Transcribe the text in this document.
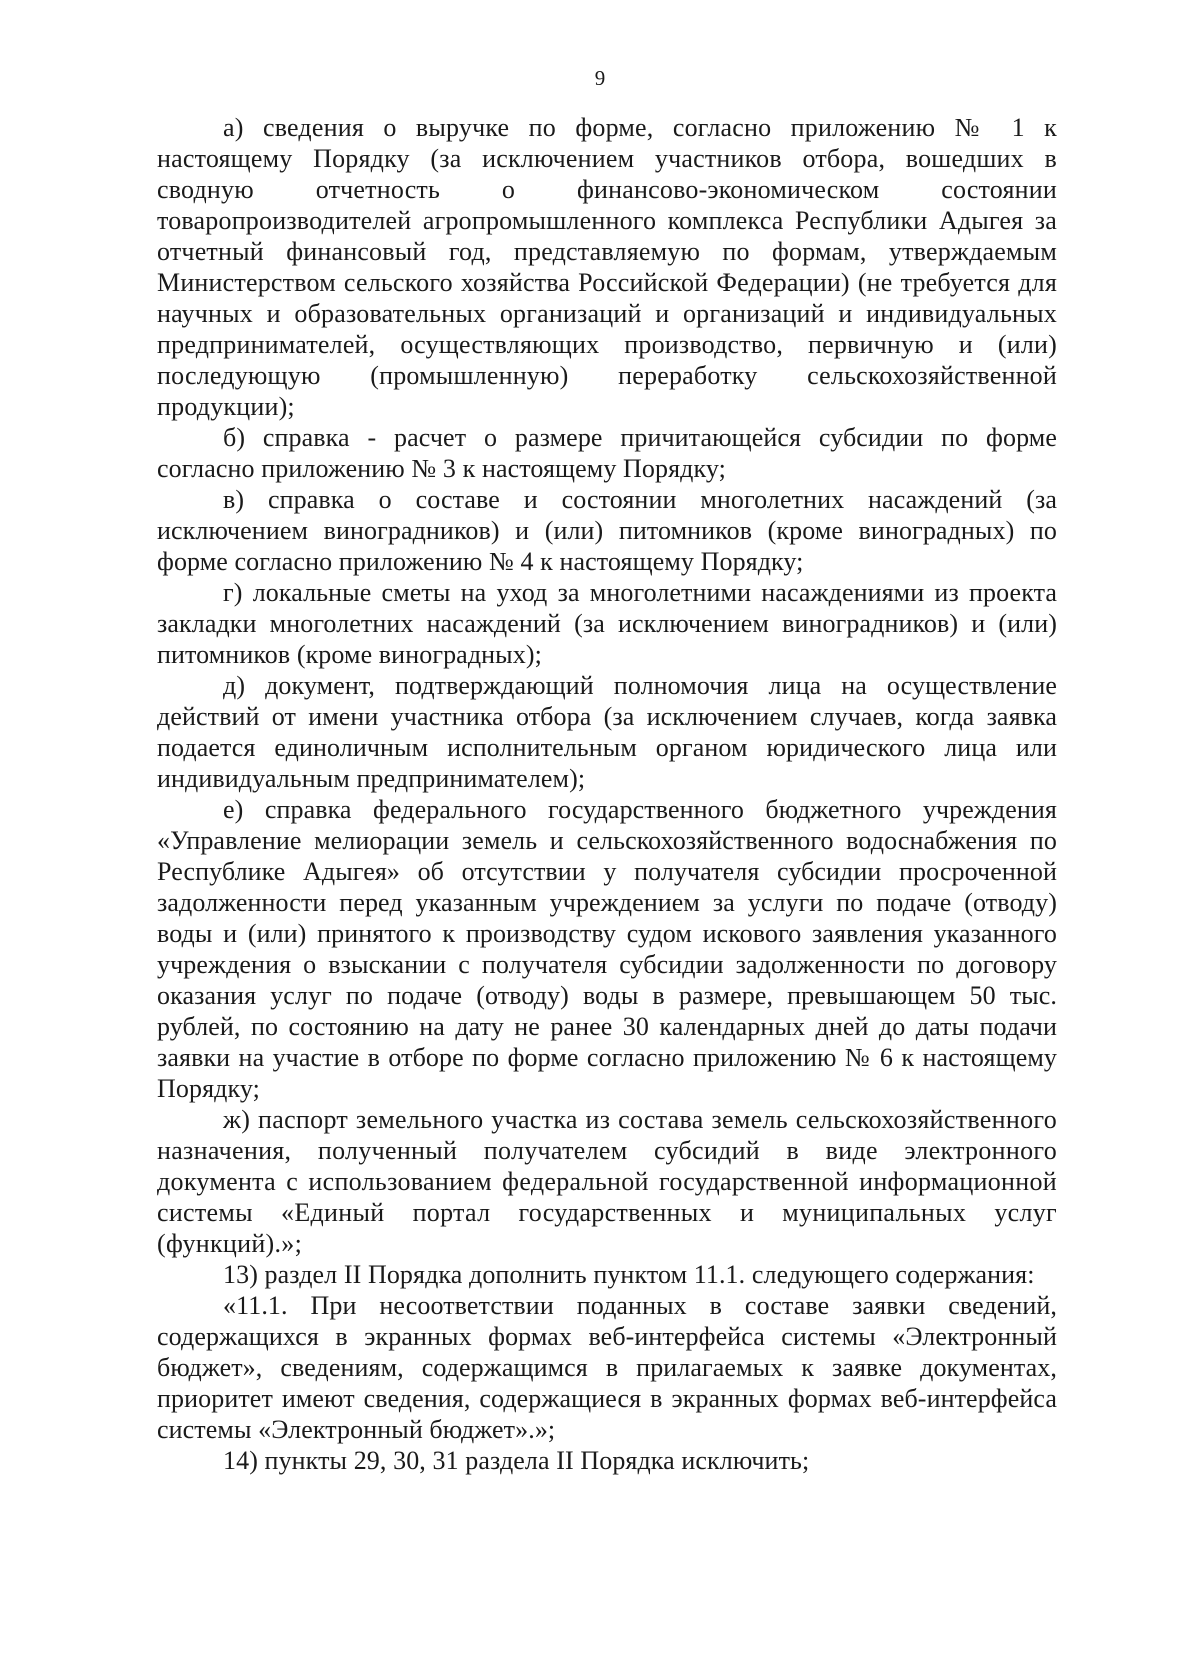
9

а) сведения о выручке по форме, согласно приложению № 1 к настоящему Порядку (за исключением участников отбора, вошедших в сводную отчетность о финансово-экономическом состоянии товаропроизводителей агропромышленного комплекса Республики Адыгея за отчетный финансовый год, представляемую по формам, утверждаемым Министерством сельского хозяйства Российской Федерации) (не требуется для научных и образовательных организаций и организаций и индивидуальных предпринимателей, осуществляющих производство, первичную и (или) последующую (промышленную) переработку сельскохозяйственной продукции);

б) справка - расчет о размере причитающейся субсидии по форме согласно приложению № 3 к настоящему Порядку;

в) справка о составе и состоянии многолетних насаждений (за исключением виноградников) и (или) питомников (кроме виноградных) по форме согласно приложению № 4 к настоящему Порядку;

г) локальные сметы на уход за многолетними насаждениями из проекта закладки многолетних насаждений (за исключением виноградников) и (или) питомников (кроме виноградных);

д) документ, подтверждающий полномочия лица на осуществление действий от имени участника отбора (за исключением случаев, когда заявка подается единоличным исполнительным органом юридического лица или индивидуальным предпринимателем);

е) справка федерального государственного бюджетного учреждения «Управление мелиорации земель и сельскохозяйственного водоснабжения по Республике Адыгея» об отсутствии у получателя субсидии просроченной задолженности перед указанным учреждением за услуги по подаче (отводу) воды и (или) принятого к производству судом искового заявления указанного учреждения о взыскании с получателя субсидии задолженности по договору оказания услуг по подаче (отводу) воды в размере, превышающем 50 тыс. рублей, по состоянию на дату не ранее 30 календарных дней до даты подачи заявки на участие в отборе по форме согласно приложению № 6 к настоящему Порядку;

ж) паспорт земельного участка из состава земель сельскохозяйственного назначения, полученный получателем субсидий в виде электронного документа с использованием федеральной государственной информационной системы «Единый портал государственных и муниципальных услуг (функций).»;

13) раздел II Порядка дополнить пунктом 11.1. следующего содержания:

«11.1. При несоответствии поданных в составе заявки сведений, содержащихся в экранных формах веб-интерфейса системы «Электронный бюджет», сведениям, содержащимся в прилагаемых к заявке документах, приоритет имеют сведения, содержащиеся в экранных формах веб-интерфейса системы «Электронный бюджет».»;

14) пункты 29, 30, 31 раздела II Порядка исключить;
